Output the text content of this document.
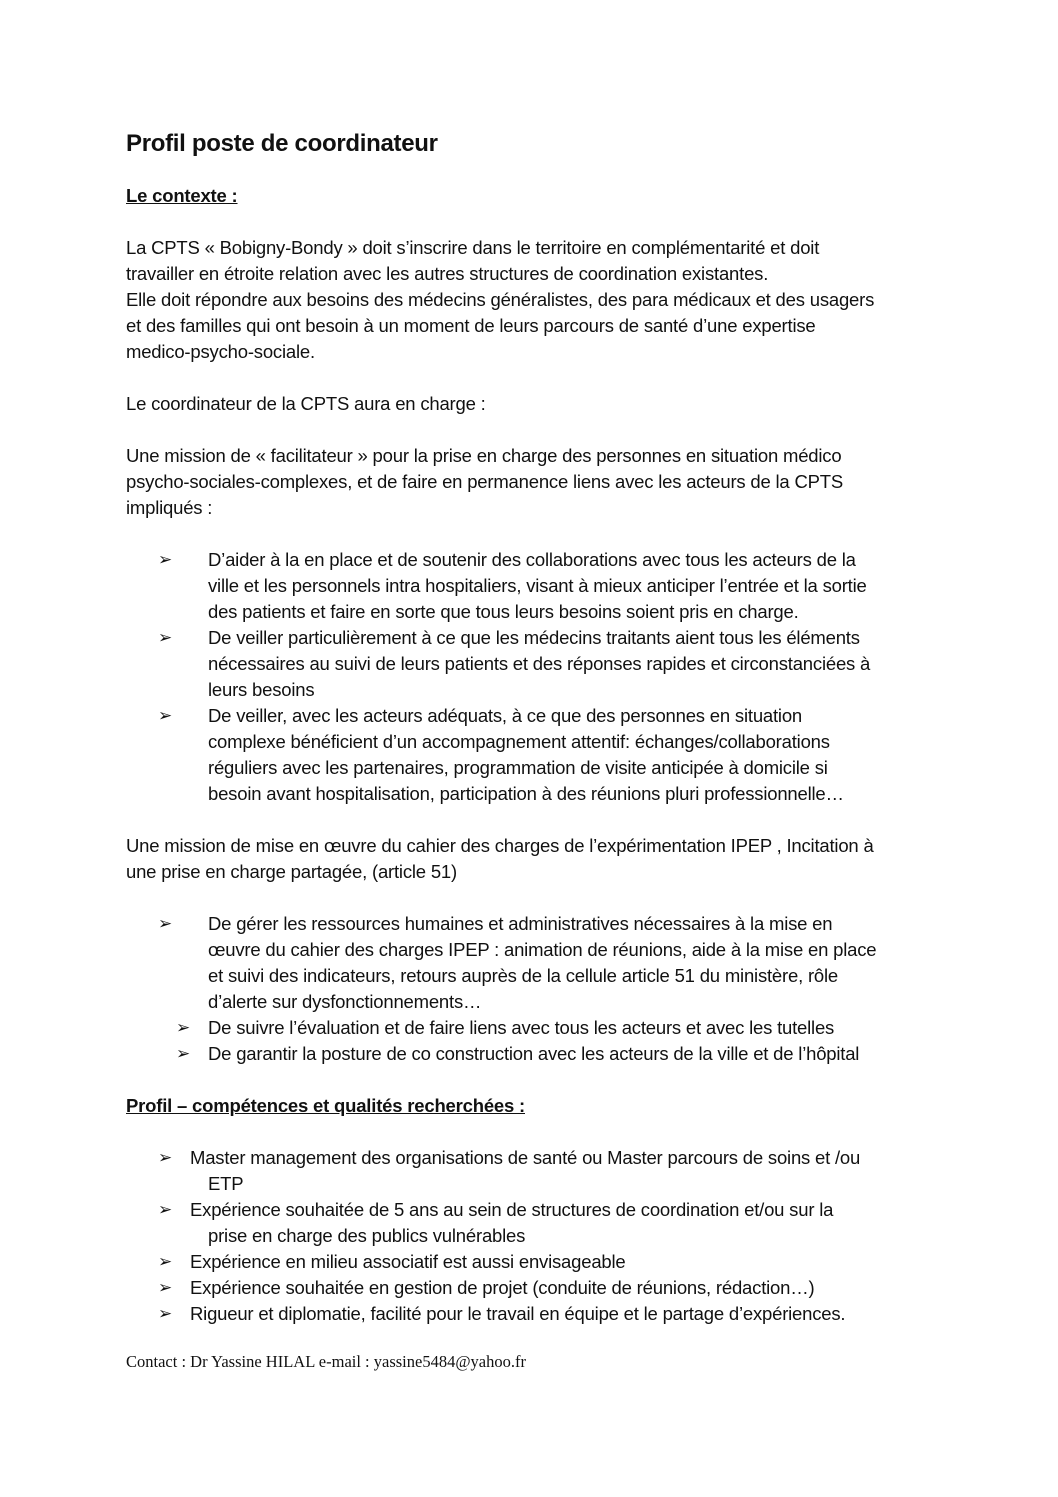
Profil poste de coordinateur
Le contexte :
La CPTS « Bobigny-Bondy » doit s’inscrire dans le territoire en complémentarité et doit
travailler en étroite relation avec les autres structures de coordination existantes.
Elle doit répondre aux besoins des médecins généralistes, des para médicaux et des usagers
et des familles qui ont besoin à un moment de leurs parcours de santé d’une expertise
medico-psycho-sociale.
Le coordinateur de la CPTS aura en charge :
Une mission de « facilitateur » pour la prise en charge des personnes en situation médico
psycho-sociales-complexes, et de faire en permanence liens avec les acteurs de la CPTS
impliqués :
➢ D’aider à la en place et de soutenir des collaborations avec tous les acteurs de la
ville et les personnels intra hospitaliers, visant à mieux anticiper l’entrée et la sortie
des patients et faire en sorte que tous leurs besoins soient pris en charge.
➢ De veiller particulièrement à ce que les médecins traitants aient tous les éléments
nécessaires au suivi de leurs patients et des réponses rapides et circonstanciées à
leurs besoins
➢ De veiller, avec les acteurs adéquats, à ce que des personnes en situation
complexe bénéficient d’un accompagnement attentif: échanges/collaborations
réguliers avec les partenaires, programmation de visite anticipée à domicile si
besoin avant hospitalisation, participation à des réunions pluri professionnelle…
Une mission de mise en œuvre du cahier des charges de l’expérimentation IPEP , Incitation à
une prise en charge partagée, (article 51)
➢ De gérer les ressources humaines et administratives nécessaires à la mise en
œuvre du cahier des charges IPEP : animation de réunions, aide à la mise en place
et suivi des indicateurs, retours auprès de la cellule article 51 du ministère, rôle
d’alerte sur dysfonctionnements…
➢ De suivre l’évaluation et de faire liens avec tous les acteurs et avec les tutelles
➢ De garantir la posture de co construction avec les acteurs de la ville et de l’hôpital
Profil – compétences et qualités recherchées :
➢ Master management des organisations de santé ou Master parcours de soins et /ou
ETP
➢ Expérience souhaitée de 5 ans au sein de structures de coordination et/ou sur la
prise en charge des publics vulnérables
➢ Expérience en milieu associatif est aussi envisageable
➢ Expérience souhaitée en gestion de projet (conduite de réunions, rédaction…)
➢ Rigueur et diplomatie, facilité pour le travail en équipe et le partage d’expériences.
Contact : Dr Yassine HILAL e-mail : yassine5484@yahoo.fr
